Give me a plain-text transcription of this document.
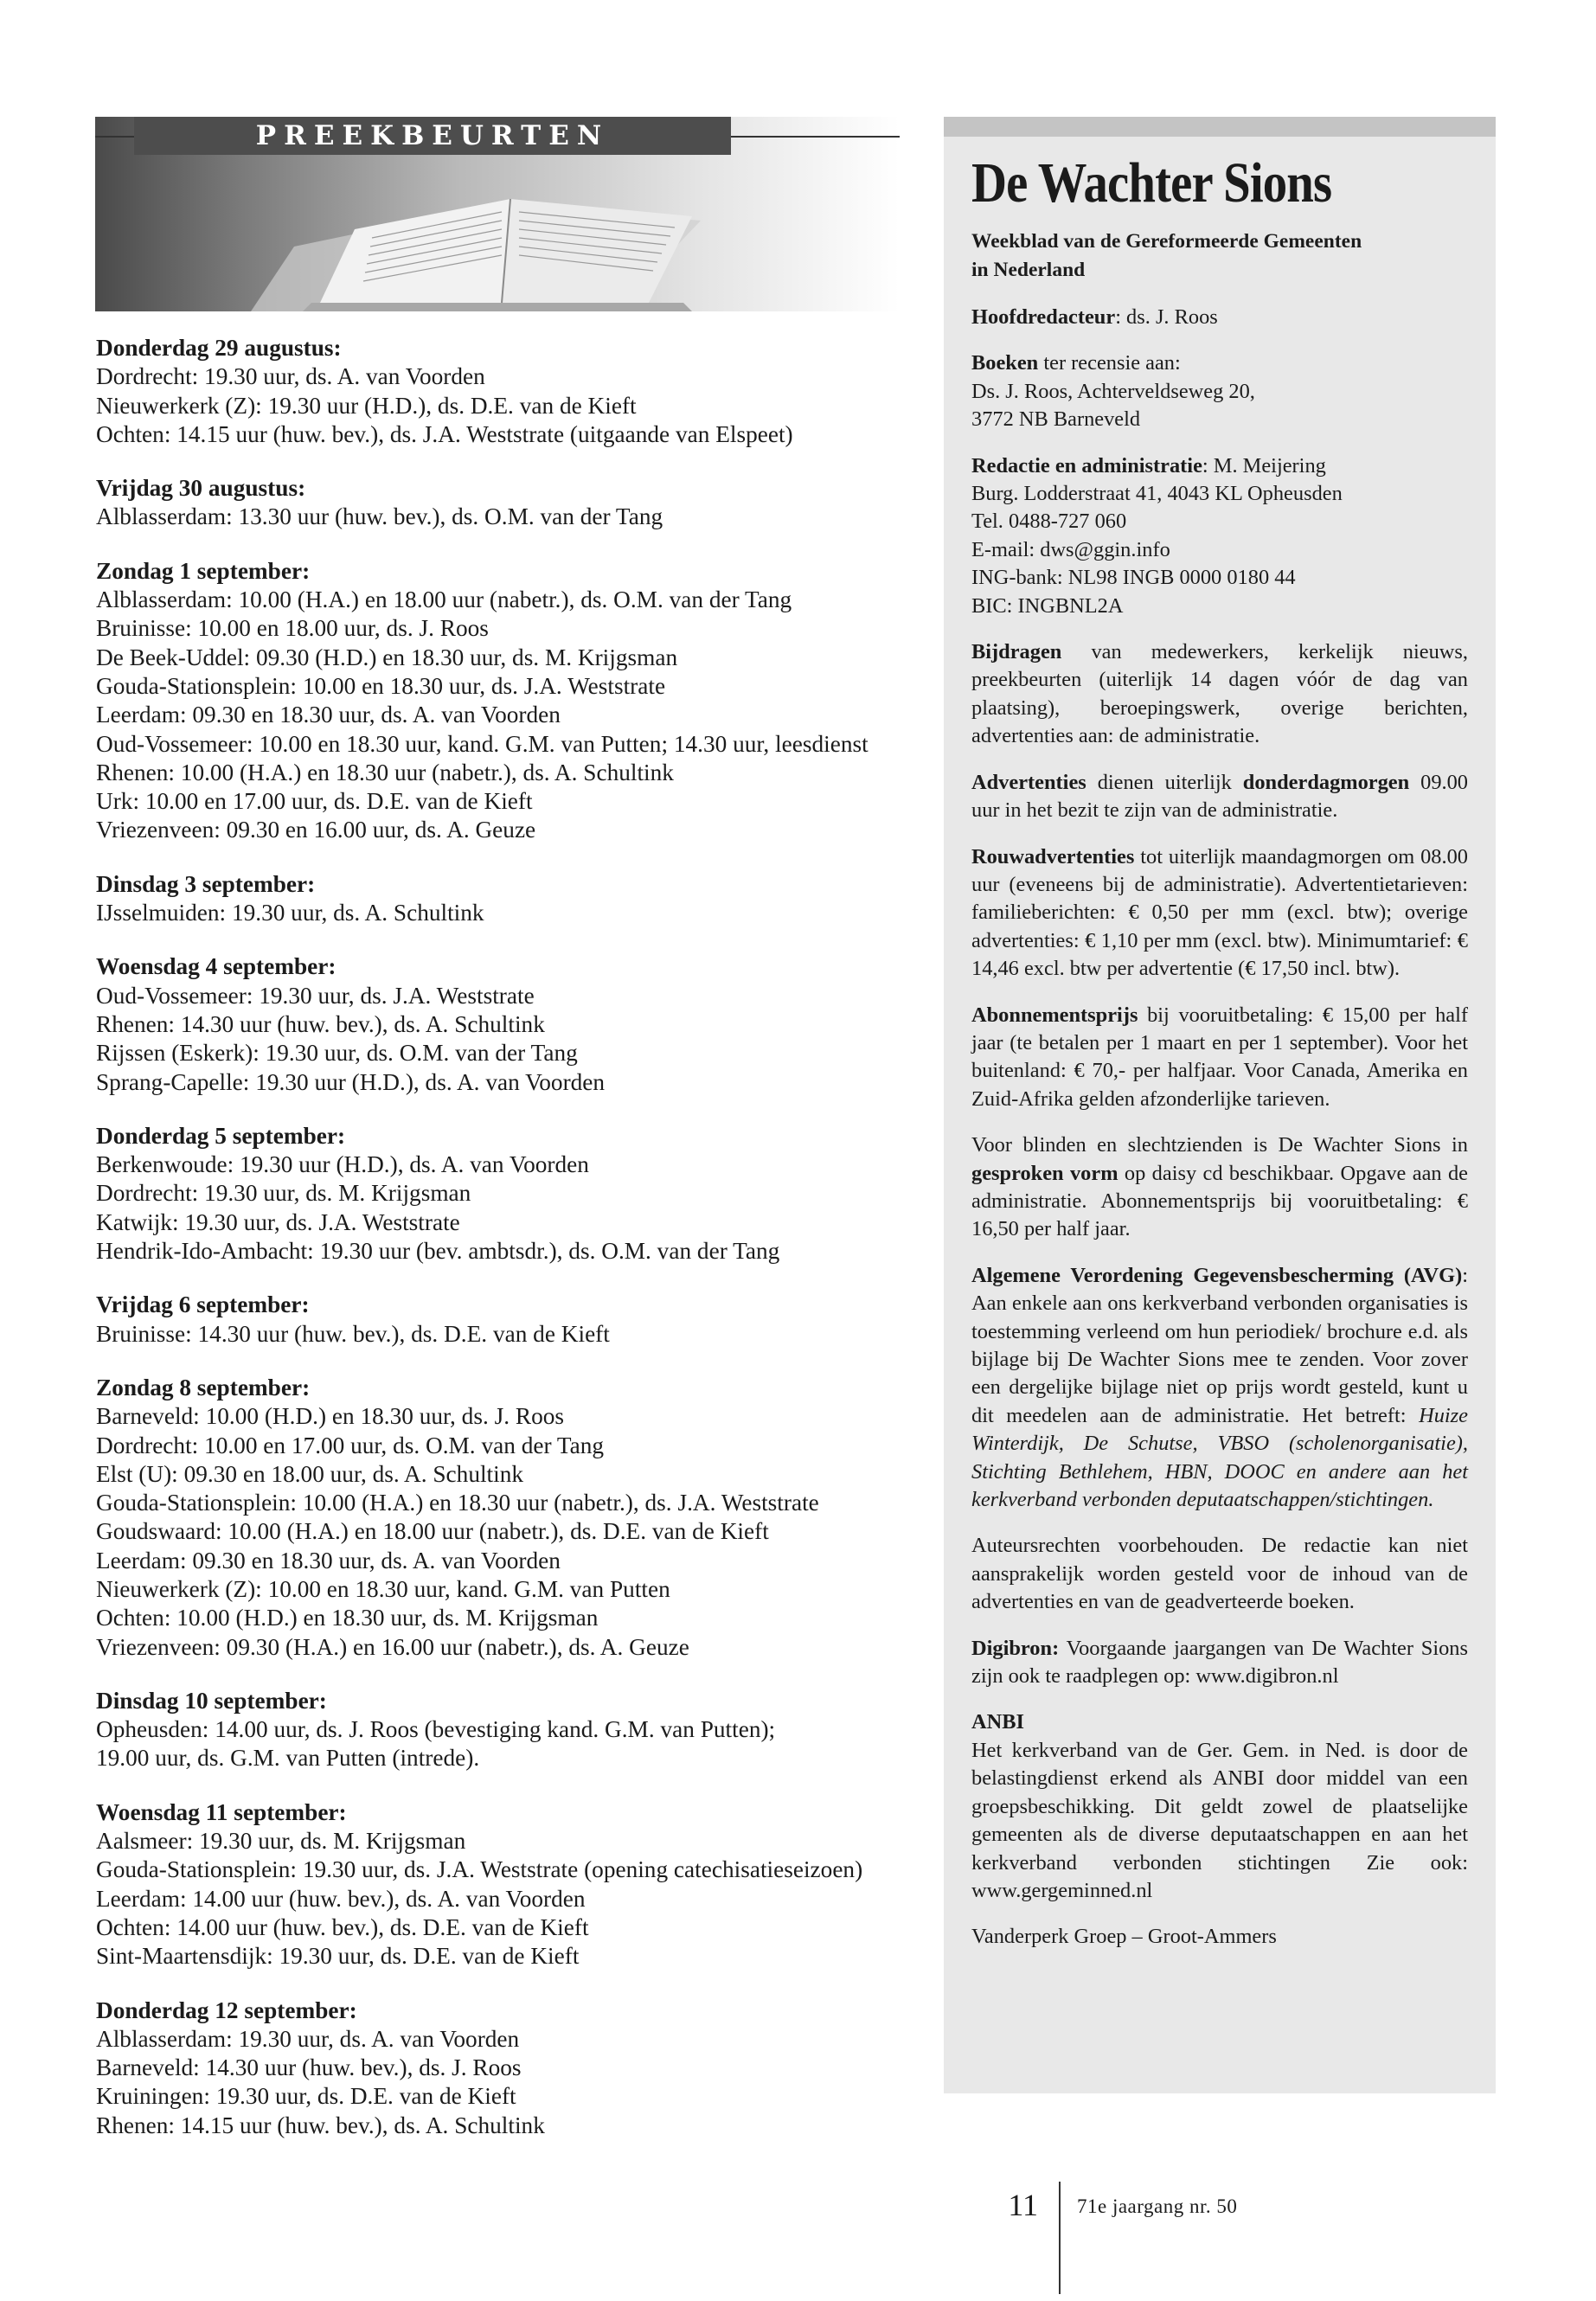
PREEKBEURTEN
Donderdag 29 augustus:
Dordrecht: 19.30 uur, ds. A. van Voorden
Nieuwerkerk (Z): 19.30 uur (H.D.), ds. D.E. van de Kieft
Ochten: 14.15 uur (huw. bev.), ds. J.A. Weststrate (uitgaande van Elspeet)
Vrijdag 30 augustus:
Alblasserdam: 13.30 uur (huw. bev.), ds. O.M. van der Tang
Zondag 1 september:
Alblasserdam: 10.00 (H.A.) en 18.00 uur (nabetr.), ds. O.M. van der Tang
Bruinisse: 10.00 en 18.00 uur, ds. J. Roos
De Beek-Uddel: 09.30 (H.D.) en 18.30 uur, ds. M. Krijgsman
Gouda-Stationsplein: 10.00 en 18.30 uur, ds. J.A. Weststrate
Leerdam: 09.30 en 18.30 uur, ds. A. van Voorden
Oud-Vossemeer: 10.00 en 18.30 uur, kand. G.M. van Putten; 14.30 uur, leesdienst
Rhenen: 10.00 (H.A.) en 18.30 uur (nabetr.), ds. A. Schultink
Urk: 10.00 en 17.00 uur, ds. D.E. van de Kieft
Vriezenveen: 09.30 en 16.00 uur, ds. A. Geuze
Dinsdag 3 september:
IJsselmuiden: 19.30 uur, ds. A. Schultink
Woensdag 4 september:
Oud-Vossemeer: 19.30 uur, ds. J.A. Weststrate
Rhenen: 14.30 uur (huw. bev.), ds. A. Schultink
Rijssen (Eskerk): 19.30 uur, ds. O.M. van der Tang
Sprang-Capelle: 19.30 uur (H.D.), ds. A. van Voorden
Donderdag 5 september:
Berkenwoude: 19.30 uur (H.D.), ds. A. van Voorden
Dordrecht: 19.30 uur, ds. M. Krijgsman
Katwijk: 19.30 uur, ds. J.A. Weststrate
Hendrik-Ido-Ambacht: 19.30 uur (bev. ambtsdr.), ds. O.M. van der Tang
Vrijdag 6 september:
Bruinisse: 14.30 uur (huw. bev.), ds. D.E. van de Kieft
Zondag 8 september:
Barneveld: 10.00 (H.D.) en 18.30 uur, ds. J. Roos
Dordrecht: 10.00 en 17.00 uur, ds. O.M. van der Tang
Elst (U): 09.30 en 18.00 uur, ds. A. Schultink
Gouda-Stationsplein: 10.00 (H.A.) en 18.30 uur (nabetr.), ds. J.A. Weststrate
Goudswaard: 10.00 (H.A.) en 18.00 uur (nabetr.), ds. D.E. van de Kieft
Leerdam: 09.30 en 18.30 uur, ds. A. van Voorden
Nieuwerkerk (Z): 10.00 en 18.30 uur, kand. G.M. van Putten
Ochten: 10.00 (H.D.) en 18.30 uur, ds. M. Krijgsman
Vriezenveen: 09.30 (H.A.) en 16.00 uur (nabetr.), ds. A. Geuze
Dinsdag 10 september:
Opheusden: 14.00 uur, ds. J. Roos (bevestiging kand. G.M. van Putten);
19.00 uur, ds. G.M. van Putten (intrede).
Woensdag 11 september:
Aalsmeer: 19.30 uur, ds. M. Krijgsman
Gouda-Stationsplein: 19.30 uur, ds. J.A. Weststrate (opening catechisatieseizoen)
Leerdam: 14.00 uur (huw. bev.), ds. A. van Voorden
Ochten: 14.00 uur (huw. bev.), ds. D.E. van de Kieft
Sint-Maartensdijk: 19.30 uur, ds. D.E. van de Kieft
Donderdag 12 september:
Alblasserdam: 19.30 uur, ds. A. van Voorden
Barneveld: 14.30 uur (huw. bev.), ds. J. Roos
Kruiningen: 19.30 uur, ds. D.E. van de Kieft
Rhenen: 14.15 uur (huw. bev.), ds. A. Schultink
De Wachter Sions
Weekblad van de Gereformeerde Gemeenten
in Nederland
Hoofdredacteur: ds. J. Roos
Boeken ter recensie aan:
Ds. J. Roos, Achterveldseweg 20,
3772 NB Barneveld
Redactie en administratie: M. Meijering
Burg. Lodderstraat 41, 4043 KL Opheusden
Tel. 0488-727 060
E-mail: dws@ggin.info
ING-bank: NL98 INGB 0000 0180 44
BIC: INGBNL2A
Bijdragen van medewerkers, kerkelijk nieuws, preekbeurten (uiterlijk 14 dagen vóór de dag van plaatsing), beroepingswerk, overige berichten, advertenties aan: de administratie.
Advertenties dienen uiterlijk donderdagmorgen 09.00 uur in het bezit te zijn van de administratie.
Rouwadvertenties tot uiterlijk maandagmorgen om 08.00 uur (eveneens bij de administratie). Advertentietarieven: familieberichten: € 0,50 per mm (excl. btw); overige advertenties: € 1,10 per mm (excl. btw). Minimumtarief: € 14,46 excl. btw per advertentie (€ 17,50 incl. btw).
Abonnementsprijs bij vooruitbetaling: € 15,00 per half jaar (te betalen per 1 maart en per 1 september). Voor het buitenland: € 70,- per halfjaar. Voor Canada, Amerika en Zuid-Afrika gelden afzonderlijke tarieven.
Voor blinden en slechtzienden is De Wachter Sions in gesproken vorm op daisy cd beschikbaar. Opgave aan de administratie. Abonnementsprijs bij vooruitbetaling: € 16,50 per half jaar.
Algemene Verordening Gegevensbescherming (AVG): Aan enkele aan ons kerkverband verbonden organisaties is toestemming verleend om hun periodiek/ brochure e.d. als bijlage bij De Wachter Sions mee te zenden. Voor zover een dergelijke bijlage niet op prijs wordt gesteld, kunt u dit meedelen aan de administratie. Het betreft: Huize Winterdijk, De Schutse, VBSO (scholenorganisatie), Stichting Bethlehem, HBN, DOOC en andere aan het kerkverband verbonden deputaatschappen/stichtingen.
Auteursrechten voorbehouden. De redactie kan niet aansprakelijk worden gesteld voor de inhoud van de advertenties en van de geadverteerde boeken.
Digibron: Voorgaande jaargangen van De Wachter Sions zijn ook te raadplegen op: www.digibron.nl
ANBI
Het kerkverband van de Ger. Gem. in Ned. is door de belastingdienst erkend als ANBI door middel van een groepsbeschikking. Dit geldt zowel de plaatselijke gemeenten als de diverse deputaatschappen en aan het kerkverband verbonden stichtingen Zie ook: www.gergeminned.nl
Vanderperk Groep – Groot-Ammers
11 71e jaargang nr. 50
